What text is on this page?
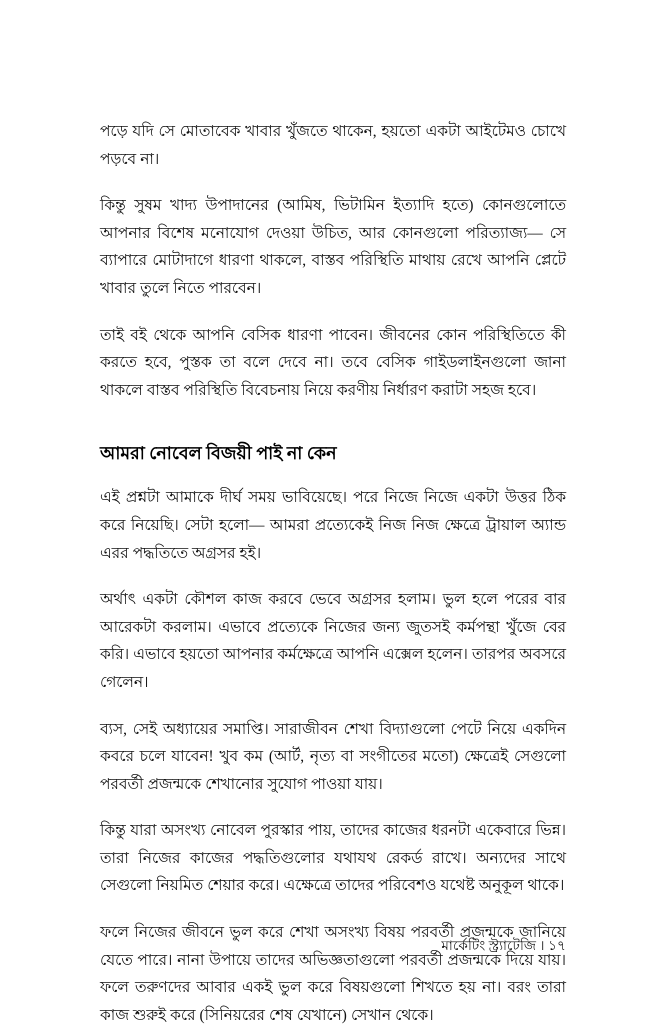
পড়ে যদি সে মোতাবেক খাবার খুঁজতে থাকেন, হয়তো একটা আইটেমও চোখে পড়বে না।

কিন্তু সুষম খাদ্য উপাদানের (আমিষ, ভিটামিন ইত্যাদি হতে) কোনগুলোতে আপনার বিশেষ মনোযোগ দেওয়া উচিত, আর কোনগুলো পরিত্যাজ্য— সে ব্যাপারে মোটাদাগে ধারণা থাকলে, বাস্তব পরিস্থিতি মাথায় রেখে আপনি প্লেটে খাবার তুলে নিতে পারবেন।

তাই বই থেকে আপনি বেসিক ধারণা পাবেন। জীবনের কোন পরিস্থিতিতে কী করতে হবে, পুস্তক তা বলে দেবে না। তবে বেসিক গাইডলাইনগুলো জানা থাকলে বাস্তব পরিস্থিতি বিবেচনায় নিয়ে করণীয় নির্ধারণ করাটা সহজ হবে।

আমরা নোবেল বিজয়ী পাই না কেন

এই প্রশ্নটা আমাকে দীর্ঘ সময় ভাবিয়েছে। পরে নিজে নিজে একটা উত্তর ঠিক করে নিয়েছি। সেটা হলো— আমরা প্রত্যেকেই নিজ নিজ ক্ষেত্রে ট্রায়াল অ্যান্ড এরর পদ্ধতিতে অগ্রসর হই।

অর্থাৎ একটা কৌশল কাজ করবে ভেবে অগ্রসর হলাম। ভুল হলে পরের বার আরেকটা করলাম। এভাবে প্রত্যেকে নিজের জন্য জুতসই কর্মপন্থা খুঁজে বের করি। এভাবে হয়তো আপনার কর্মক্ষেত্রে আপনি এক্সেল হলেন। তারপর অবসরে গেলেন।

ব্যস, সেই অধ্যায়ের সমাপ্তি। সারাজীবন শেখা বিদ্যাগুলো পেটে নিয়ে একদিন কবরে চলে যাবেন! খুব কম (আর্ট, নৃত্য বা সংগীতের মতো) ক্ষেত্রেই সেগুলো পরবর্তী প্রজন্মকে শেখানোর সুযোগ পাওয়া যায়।

কিন্তু যারা অসংখ্য নোবেল পুরস্কার পায়, তাদের কাজের ধরনটা একেবারে ভিন্ন। তারা নিজের কাজের পদ্ধতিগুলোর যথাযথ রেকর্ড রাখে। অন্যদের সাথে সেগুলো নিয়মিত শেয়ার করে। এক্ষেত্রে তাদের পরিবেশও যথেষ্ট অনুকূল থাকে।

ফলে নিজের জীবনে ভুল করে শেখা অসংখ্য বিষয় পরবর্তী প্রজন্মকে জানিয়ে যেতে পারে। নানা উপায়ে তাদের অভিজ্ঞতাগুলো পরবর্তী প্রজন্মকে দিয়ে যায়। ফলে তরুণদের আবার একই ভুল করে বিষয়গুলো শিখতে হয় না। বরং তারা কাজ শুরুই করে (সিনিয়রের শেষ যেখানে) সেখান থেকে।

মার্কেটিং স্ট্র্যাটেজি । ১৭
